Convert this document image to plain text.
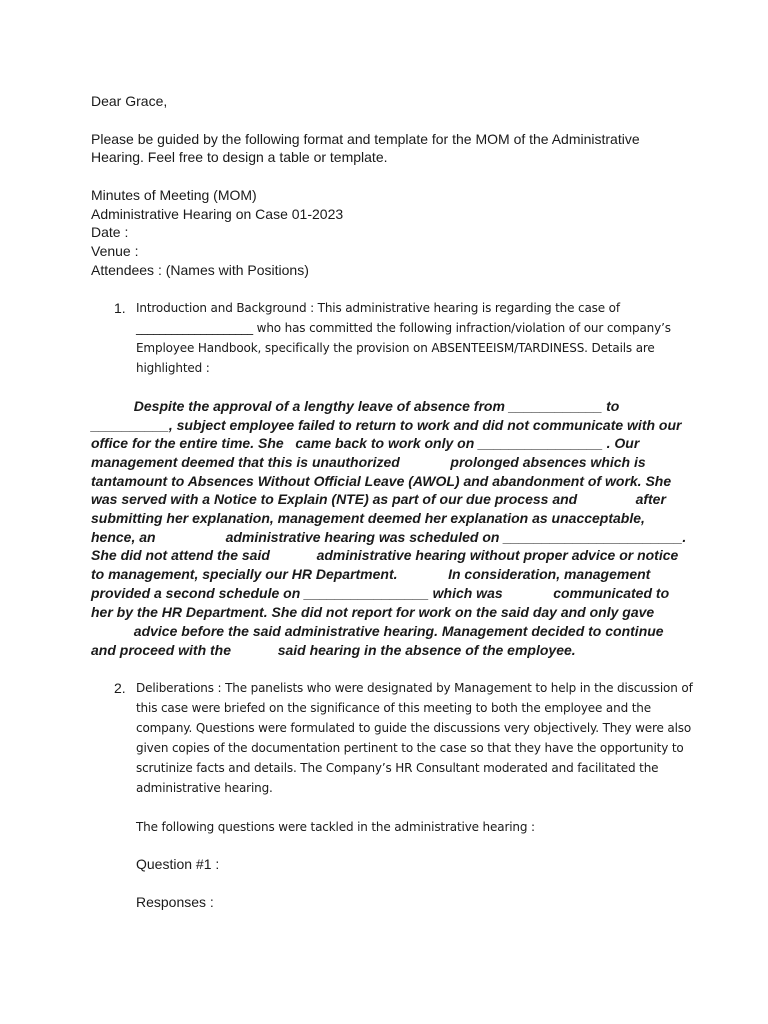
Dear Grace,
Please be guided by the following format and template for the MOM of the Administrative
Hearing. Feel free to design a table or template.
Minutes of Meeting (MOM)
Administrative Hearing on Case 01-2023
Date :
Venue :
Attendees : (Names with Positions)
1. Introduction and Background : This administrative hearing is regarding the case of
____________________ who has committed the following infraction/violation of our company’s
Employee Handbook, specifically the provision on ABSENTEEISM/TARDINESS. Details are
highlighted :
Despite the approval of a lengthy leave of absence from ____________ to
__________, subject employee failed to return to work and did not communicate with our
office for the entire time. She   came back to work only on ________________ . Our
management deemed that this is unauthorized             prolonged absences which is
tantamount to Absences Without Official Leave (AWOL) and abandonment of work. She
was served with a Notice to Explain (NTE) as part of our due process and               after
submitting her explanation, management deemed her explanation as unacceptable,
hence, an                  administrative hearing was scheduled on _______________________.
She did not attend the said            administrative hearing without proper advice or notice
to management, specially our HR Department.             In consideration, management
provided a second schedule on ________________ which was             communicated to
her by the HR Department. She did not report for work on the said day and only gave
advice before the said administrative hearing. Management decided to continue
and proceed with the            said hearing in the absence of the employee.
2. Deliberations : The panelists who were designated by Management to help in the discussion of
this case were briefed on the significance of this meeting to both the employee and the
company. Questions were formulated to guide the discussions very objectively. They were also
given copies of the documentation pertinent to the case so that they have the opportunity to
scrutinize facts and details. The Company’s HR Consultant moderated and facilitated the
administrative hearing.
The following questions were tackled in the administrative hearing :
Question #1 :
Responses :
